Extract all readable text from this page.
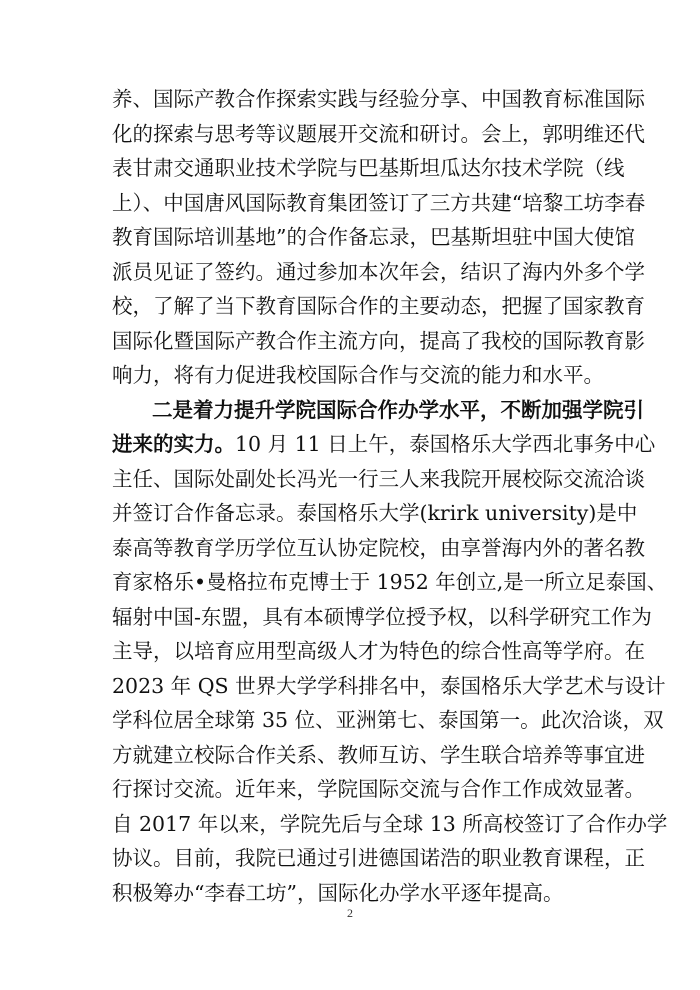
养、国际产教合作探索实践与经验分享、中国教育标准国际
化的探索与思考等议题展开交流和研讨。会上，郭明维还代
表甘肃交通职业技术学院与巴基斯坦瓜达尔技术学院（线
上）、中国唐风国际教育集团签订了三方共建“培黎工坊李春
教育国际培训基地”的合作备忘录，巴基斯坦驻中国大使馆
派员见证了签约。通过参加本次年会，结识了海内外多个学
校，了解了当下教育国际合作的主要动态，把握了国家教育
国际化暨国际产教合作主流方向，提高了我校的国际教育影
响力，将有力促进我校国际合作与交流的能力和水平。
二是着力提升学院国际合作办学水平，不断加强学院引
进来的实力。10 月 11 日上午，泰国格乐大学西北事务中心
主任、国际处副处长冯光一行三人来我院开展校际交流洽谈
并签订合作备忘录。泰国格乐大学(krirk university)是中
泰高等教育学历学位互认协定院校，由享誉海内外的著名教
育家格乐•曼格拉布克博士于 1952 年创立,是一所立足泰国、
辐射中国-东盟，具有本硕博学位授予权，以科学研究工作为
主导，以培育应用型高级人才为特色的综合性高等学府。在
2023 年 QS 世界大学学科排名中，泰国格乐大学艺术与设计
学科位居全球第 35 位、亚洲第七、泰国第一。此次洽谈，双
方就建立校际合作关系、教师互访、学生联合培养等事宜进
行探讨交流。近年来，学院国际交流与合作工作成效显著。
自 2017 年以来，学院先后与全球 13 所高校签订了合作办学
协议。目前，我院已通过引进德国诺浩的职业教育课程，正
积极筹办“李春工坊”，国际化办学水平逐年提高。
2
